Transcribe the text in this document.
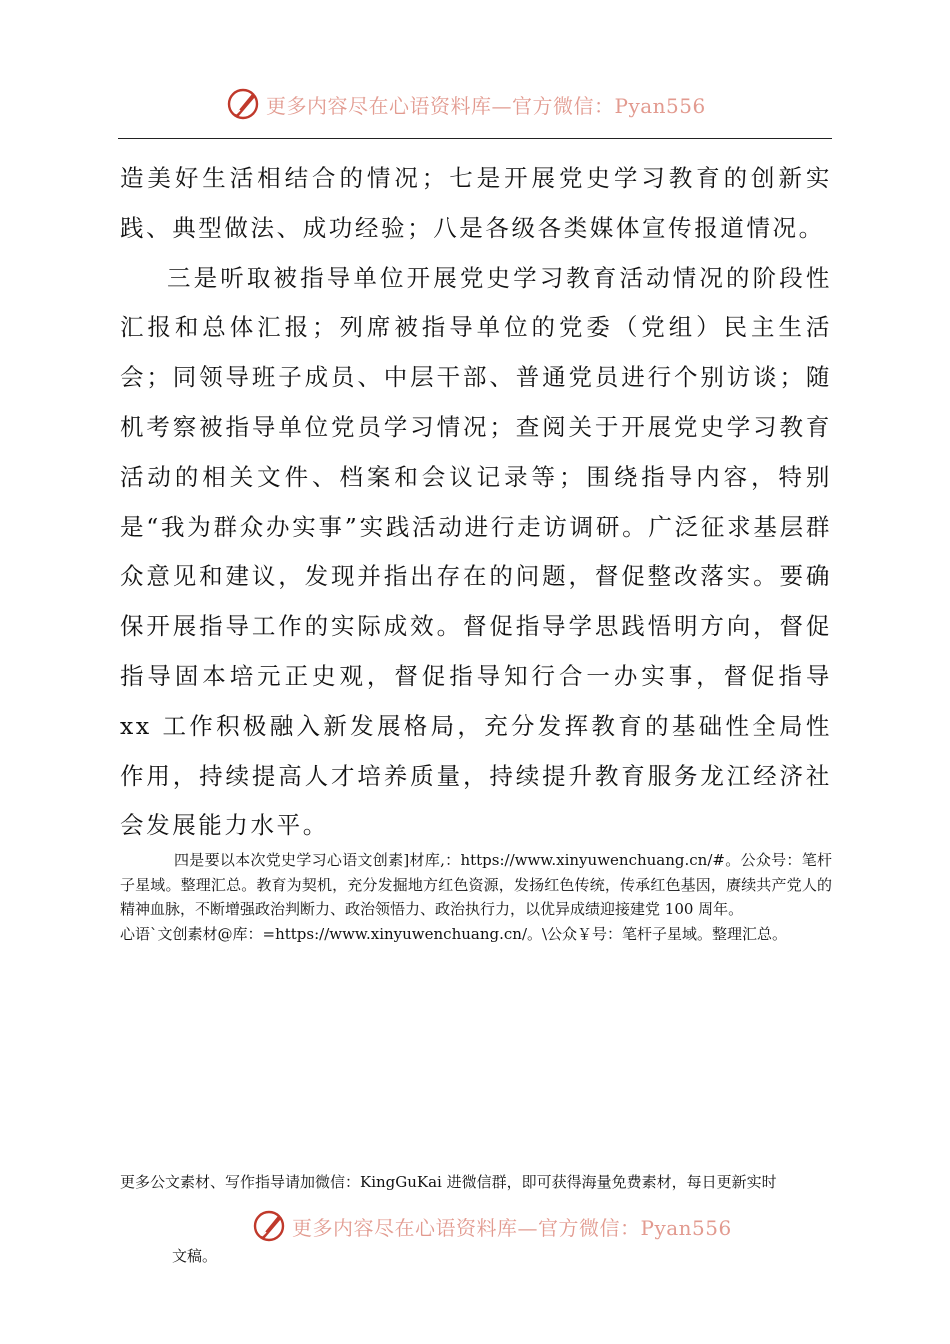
更多内容尽在心语资料库—官方微信：Pyan556

造美好生活相结合的情况；七是开展党史学习教育的创新实践、典型做法、成功经验；八是各级各类媒体宣传报道情况。

三是听取被指导单位开展党史学习教育活动情况的阶段性汇报和总体汇报；列席被指导单位的党委（党组）民主生活会；同领导班子成员、中层干部、普通党员进行个别访谈；随机考察被指导单位党员学习情况；查阅关于开展党史学习教育活动的相关文件、档案和会议记录等；围绕指导内容，特别是“我为群众办实事”实践活动进行走访调研。广泛征求基层群众意见和建议，发现并指出存在的问题，督促整改落实。要确保开展指导工作的实际成效。督促指导学思践悟明方向，督促指导固本培元正史观，督促指导知行合一办实事，督促指导 xx 工作积极融入新发展格局，充分发挥教育的基础性全局性作用，持续提高人才培养质量，持续提升教育服务龙江经济社会发展能力水平。

四是要以本次党史学习心语文创素]材库,：https://www.xinyuwenchuang.cn/#。公众号：笔杆子星域。整理汇总。教育为契机，充分发掘地方红色资源，发扬红色传统，传承红色基因，赓续共产党人的精神血脉，不断增强政治判断力、政治领悟力、政治执行力，以优异成绩迎接建党 100 周年。

心语`文创素材@库：=https://www.xinyuwenchuang.cn/。\公众￥号：笔杆子星域。整理汇总。

更多公文素材、写作指导请加微信：KingGuKai 进微信群，即可获得海量免费素材，每日更新实时
更多内容尽在心语资料库—官方微信：Pyan556
文稿。
